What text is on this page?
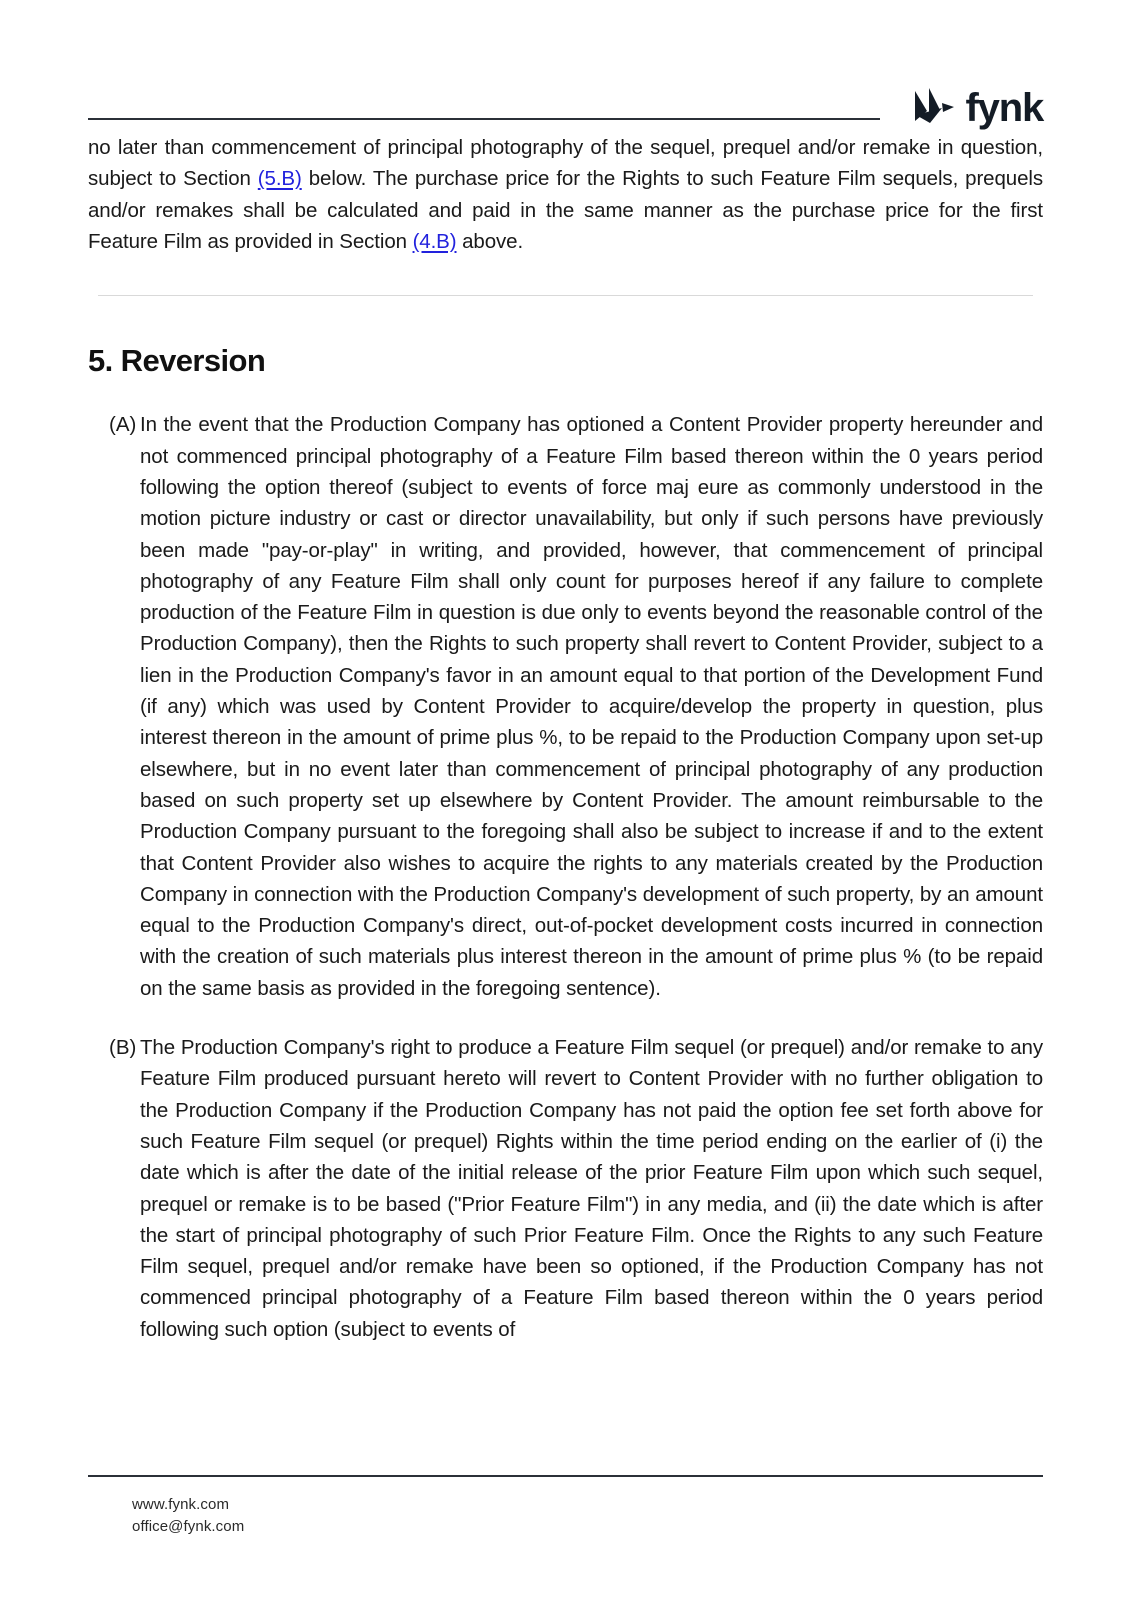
fynk

no later than commencement of principal photography of the sequel, prequel and/or remake in question, subject to Section (5.B) below. The purchase price for the Rights to such Feature Film sequels, prequels and/or remakes shall be calculated and paid in the same manner as the purchase price for the first Feature Film as provided in Section (4.B) above.

5. Reversion
(A) In the event that the Production Company has optioned a Content Provider property hereunder and not commenced principal photography of a Feature Film based thereon within the 0 years period following the option thereof (subject to events of force maj eure as commonly understood in the motion picture industry or cast or director unavailability, but only if such persons have previously been made "pay-or-play" in writing, and provided, however, that commencement of principal photography of any Feature Film shall only count for purposes hereof if any failure to complete production of the Feature Film in question is due only to events beyond the reasonable control of the Production Company), then the Rights to such property shall revert to Content Provider, subject to a lien in the Production Company's favor in an amount equal to that portion of the Development Fund (if any) which was used by Content Provider to acquire/develop the property in question, plus interest thereon in the amount of prime plus %, to be repaid to the Production Company upon set-up elsewhere, but in no event later than commencement of principal photography of any production based on such property set up elsewhere by Content Provider. The amount reimbursable to the Production Company pursuant to the foregoing shall also be subject to increase if and to the extent that Content Provider also wishes to acquire the rights to any materials created by the Production Company in connection with the Production Company's development of such property, by an amount equal to the Production Company's direct, out-of-pocket development costs incurred in connection with the creation of such materials plus interest thereon in the amount of prime plus % (to be repaid on the same basis as provided in the foregoing sentence).

(B) The Production Company's right to produce a Feature Film sequel (or prequel) and/or remake to any Feature Film produced pursuant hereto will revert to Content Provider with no further obligation to the Production Company if the Production Company has not paid the option fee set forth above for such Feature Film sequel (or prequel) Rights within the time period ending on the earlier of (i) the date which is after the date of the initial release of the prior Feature Film upon which such sequel, prequel or remake is to be based ("Prior Feature Film") in any media, and (ii) the date which is after the start of principal photography of such Prior Feature Film. Once the Rights to any such Feature Film sequel, prequel and/or remake have been so optioned, if the Production Company has not commenced principal photography of a Feature Film based thereon within the 0 years period following such option (subject to events of

www.fynk.com
office@fynk.com
